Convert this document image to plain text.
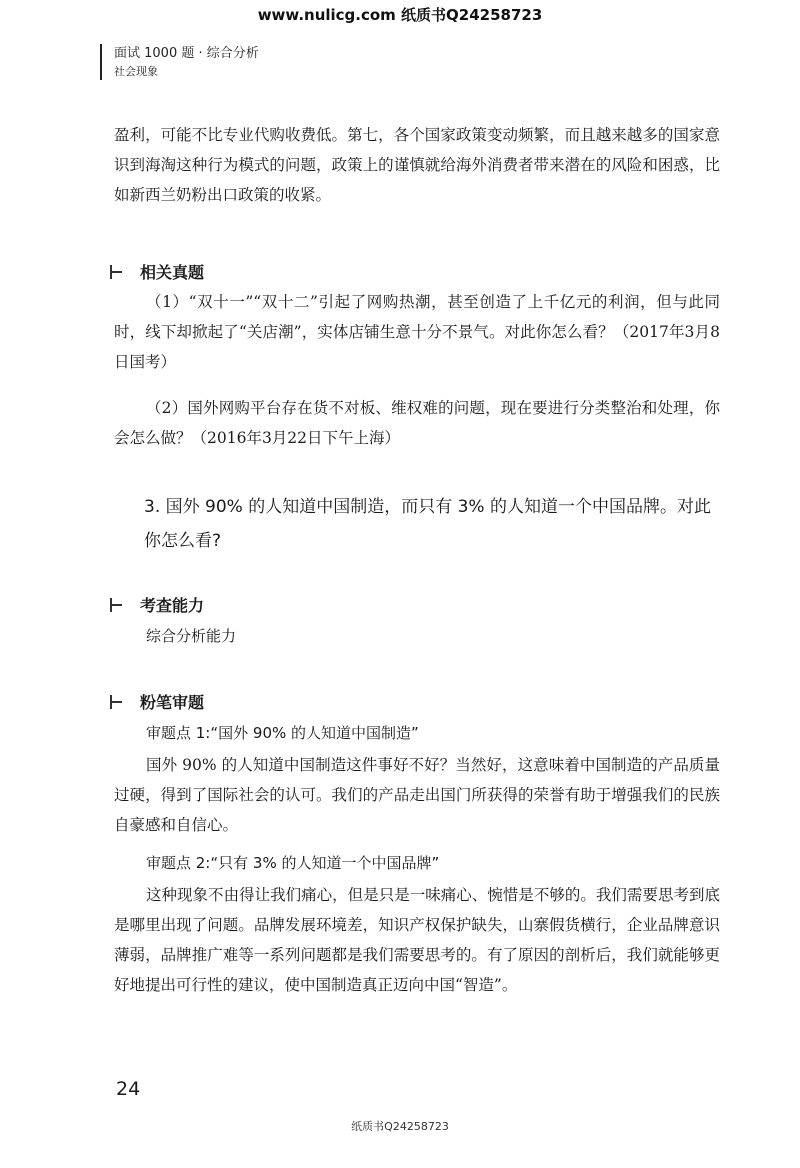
www.nulicg.com 纸质书Q24258723
面试 1000 题 · 综合分析
社会现象
盈利，可能不比专业代购收费低。第七，各个国家政策变动频繁，而且越来越多的国家意识到海淘这种行为模式的问题，政策上的谨慎就给海外消费者带来潜在的风险和困惑，比如新西兰奶粉出口政策的收紧。
相关真题
（1）“双十一”“双十二”引起了网购热潮，甚至创造了上千亿元的利润，但与此同时，线下却掀起了“关店潮”，实体店铺生意十分不景气。对此你怎么看？（2017年3月8日国考）
（2）国外网购平台存在货不对板、维权难的问题，现在要进行分类整治和处理，你会怎么做？（2016年3月22日下午上海）
3. 国外 90% 的人知道中国制造，而只有 3% 的人知道一个中国品牌。对此你怎么看?
考查能力
综合分析能力
粉笔审题
审题点 1:“国外 90% 的人知道中国制造”
国外 90% 的人知道中国制造这件事好不好？当然好，这意味着中国制造的产品质量过硬，得到了国际社会的认可。我们的产品走出国门所获得的荣誉有助于增强我们的民族自豪感和自信心。
审题点 2:“只有 3% 的人知道一个中国品牌”
这种现象不由得让我们痛心，但是只是一味痛心、惋惜是不够的。我们需要思考到底是哪里出现了问题。品牌发展环境差，知识产权保护缺失，山寨假货横行，企业品牌意识薄弱，品牌推广难等一系列问题都是我们需要思考的。有了原因的剖析后，我们就能够更好地提出可行性的建议，使中国制造真正迈向中国“智造”。
24
纸质书Q24258723
